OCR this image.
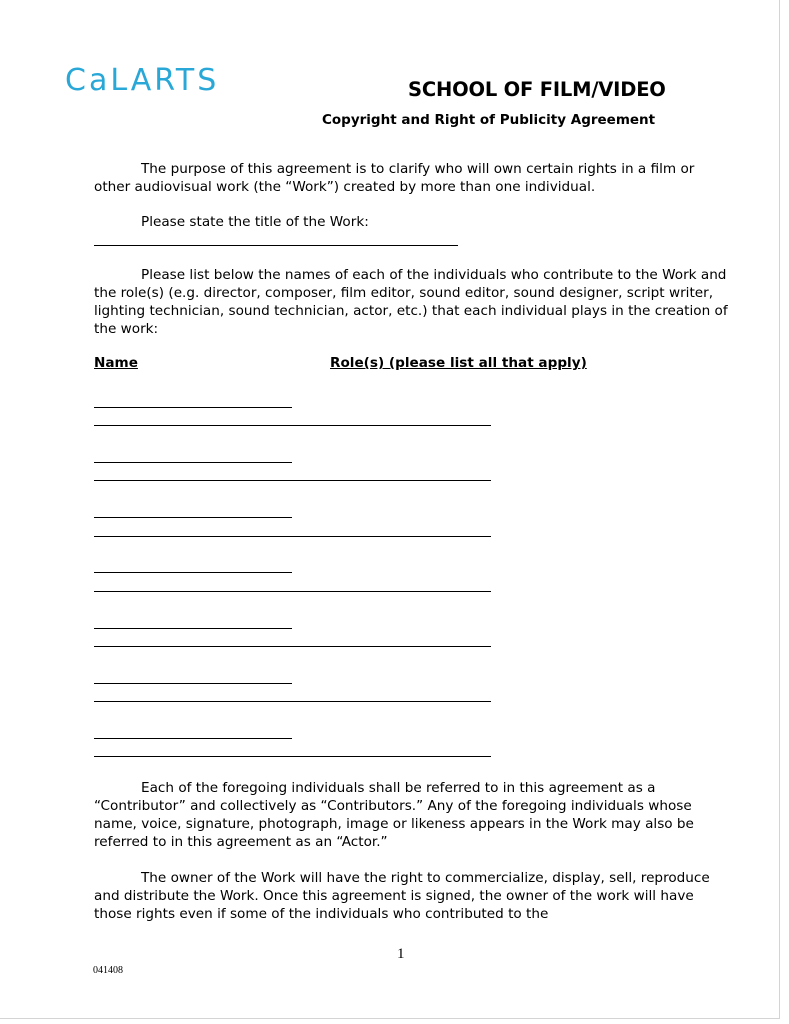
CaLARTS	SCHOOL OF FILM/VIDEO
Copyright and Right of Publicity Agreement

The purpose of this agreement is to clarify who will own certain rights in a film or other audiovisual work (the “Work”) created by more than one individual.

Please state the title of the Work:

Please list below the names of each of the individuals who contribute to the Work and the role(s) (e.g. director, composer, film editor, sound editor, sound designer, script writer, lighting technician, sound technician, actor, etc.) that each individual plays in the creation of the work:

Name	Role(s) (please list all that apply)

Each of the foregoing individuals shall be referred to in this agreement as a “Contributor” and collectively as “Contributors.” Any of the foregoing individuals whose name, voice, signature, photograph, image or likeness appears in the Work may also be referred to in this agreement as an “Actor.”

The owner of the Work will have the right to commercialize, display, sell, reproduce and distribute the Work. Once this agreement is signed, the owner of the work will have those rights even if some of the individuals who contributed to the

1
041408
